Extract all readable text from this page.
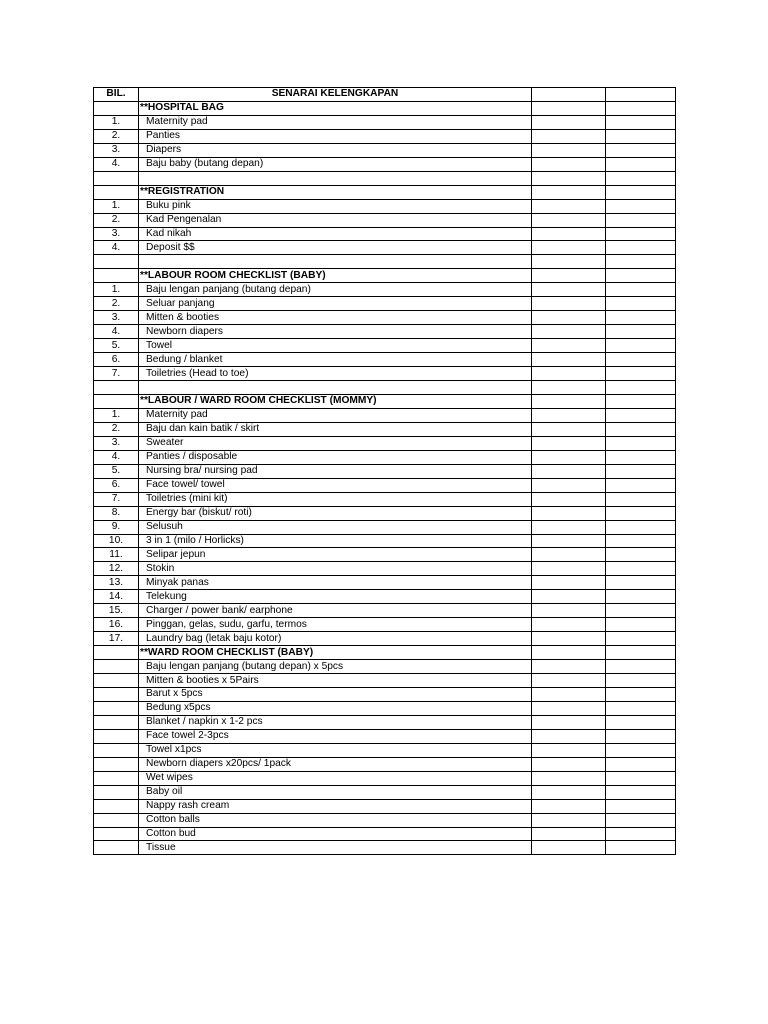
BIL.	SENARAI KELENGKAPAN		
	**HOSPITAL BAG		
1.	Maternity pad		
2.	Panties		
3.	Diapers		
4.	Baju baby (butang depan)		

	**REGISTRATION		
1.	Buku pink		
2.	Kad Pengenalan		
3.	Kad nikah		
4.	Deposit $$		

	**LABOUR ROOM CHECKLIST (BABY)		
1.	Baju lengan panjang (butang depan)		
2.	Seluar panjang		
3.	Mitten & booties		
4.	Newborn diapers		
5.	Towel		
6.	Bedung / blanket		
7.	Toiletries (Head to toe)		

	**LABOUR / WARD ROOM CHECKLIST (MOMMY)		
1.	Maternity pad		
2.	Baju dan kain batik / skirt		
3.	Sweater		
4.	Panties / disposable		
5.	Nursing bra/ nursing pad		
6.	Face towel/ towel		
7.	Toiletries (mini kit)		
8.	Energy bar (biskut/ roti)		
9.	Selusuh		
10.	3 in 1 (milo / Horlicks)		
11.	Selipar jepun		
12.	Stokin		
13.	Minyak panas		
14.	Telekung		
15.	Charger / power bank/ earphone		
16.	Pinggan, gelas, sudu, garfu, termos		
17.	Laundry bag (letak baju kotor)		
	**WARD ROOM CHECKLIST (BABY)		
	Baju lengan panjang (butang depan) x 5pcs		
	Mitten & booties x 5Pairs		
	Barut x 5pcs		
	Bedung x5pcs		
	Blanket / napkin x 1-2 pcs		
	Face towel 2-3pcs		
	Towel x1pcs		
	Newborn diapers x20pcs/ 1pack		
	Wet wipes		
	Baby oil		
	Nappy rash cream		
	Cotton balls		
	Cotton bud		
	Tissue		
